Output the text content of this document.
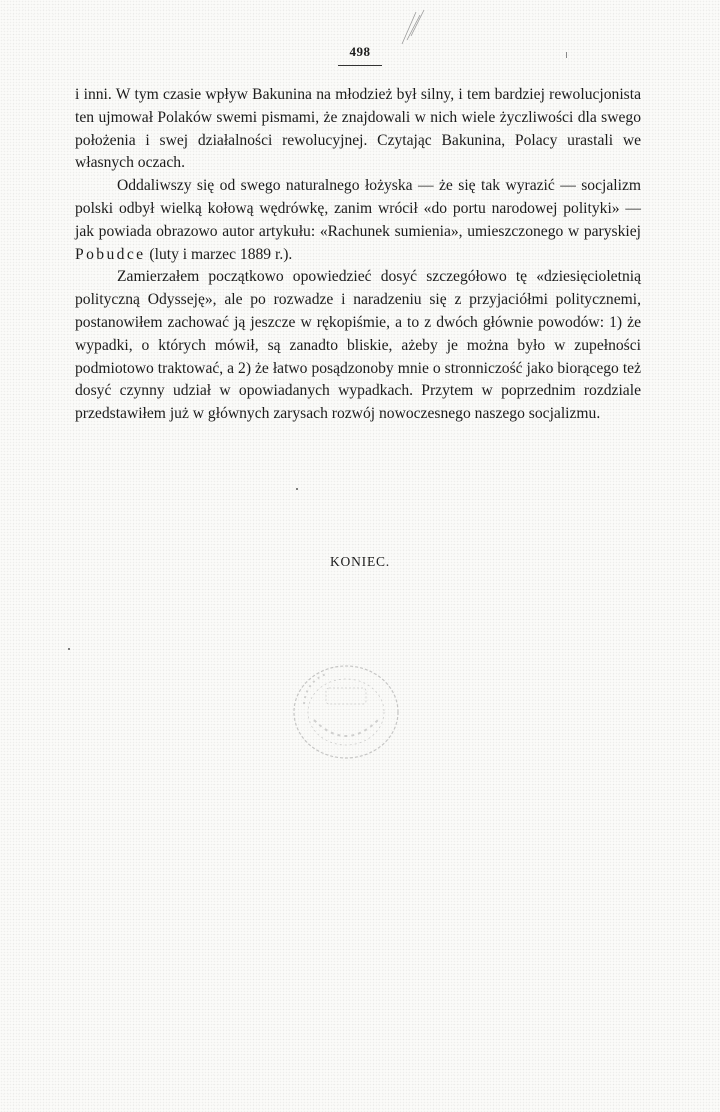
498

i inni. W tym czasie wpływ Bakunina na młodzież był silny, i tem bardziej rewolucjonista ten ujmował Polaków swemi pismami, że znajdowali w nich wiele życzliwości dla swego położenia i swej działalności rewolucyjnej. Czytając Bakunina, Polacy urastali we własnych oczach.

Oddaliwszy się od swego naturalnego łożyska — że się tak wyrazić — socjalizm polski odbył wielką kołową wędrówkę, zanim wrócił «do portu narodowej polityki» — jak powiada obrazowo autor artykułu: «Rachunek sumienia», umieszczonego w paryskiej Pobudce (luty i marzec 1889 r.).

Zamierzałem początkowo opowiedzieć dosyć szczegółowo tę «dziesięcioletnią polityczną Odysseję», ale po rozwadze i naradzeniu się z przyjaciółmi politycznemi, postanowiłem zachować ją jeszcze w rękopiśmie, a to z dwóch głównie powodów: 1) że wypadki, o których mówił, są zanadto bliskie, ażeby je można było w zupełności podmiotowo traktować, a 2) że łatwo posądzonoby mnie o stronniczość jako biorącego też dosyć czynny udział w opowiadanych wypadkach. Przytem w poprzednim rozdziale przedstawiłem już w głównych zarysach rozwój nowoczesnego naszego socjalizmu.

KONIEC.
